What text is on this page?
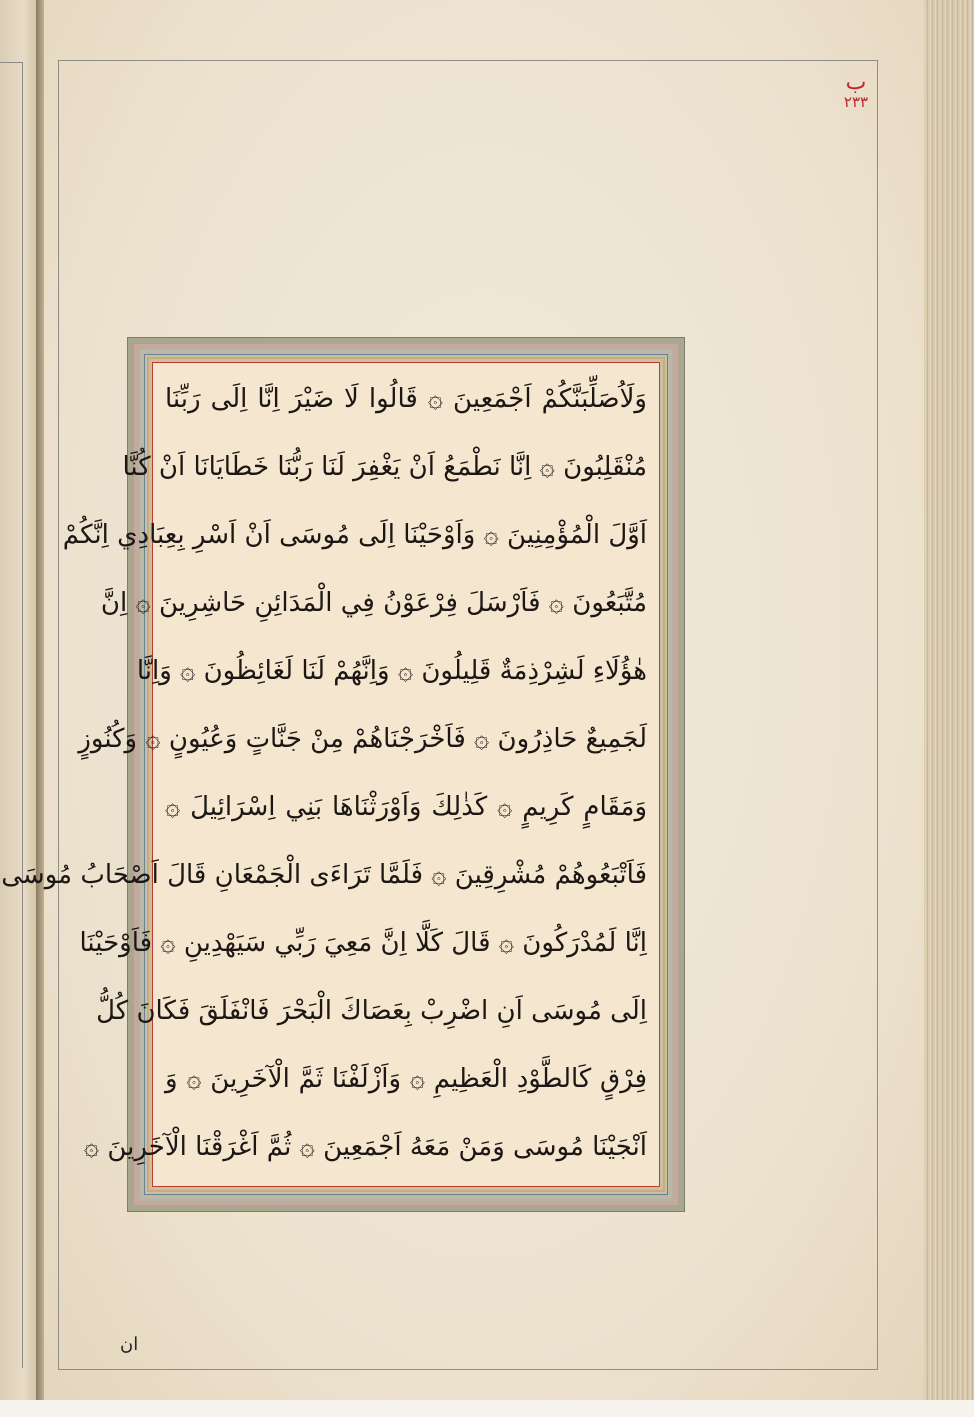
ب
٢٣٣
وَلَاُصَلِّبَنَّكُمْ اَجْمَعِينَ ۞ قَالُوا لَا ضَيْرَ اِنَّا اِلَى رَبِّنَا
مُنْقَلِبُونَ ۞ اِنَّا نَطْمَعُ اَنْ يَغْفِرَ لَنَا رَبُّنَا خَطَايَانَا اَنْ كُنَّا
اَوَّلَ الْمُؤْمِنِينَ ۞ وَاَوْحَيْنَا اِلَى مُوسَى اَنْ اَسْرِ بِعِبَادِي اِنَّكُمْ
مُتَّبَعُونَ ۞ فَاَرْسَلَ فِرْعَوْنُ فِي الْمَدَائِنِ حَاشِرِينَ ۞ اِنَّ
هٰؤُلَاءِ لَشِرْذِمَةٌ قَلِيلُونَ ۞ وَاِنَّهُمْ لَنَا لَغَائِظُونَ ۞ وَاِنَّا
لَجَمِيعٌ حَاذِرُونَ ۞ فَاَخْرَجْنَاهُمْ مِنْ جَنَّاتٍ وَعُيُونٍ ۞ وَكُنُوزٍ
وَمَقَامٍ كَرِيمٍ ۞ كَذٰلِكَ وَاَوْرَثْنَاهَا بَنِي اِسْرَائِيلَ ۞
فَاَتْبَعُوهُمْ مُشْرِقِينَ ۞ فَلَمَّا تَرَاءَى الْجَمْعَانِ قَالَ اَصْحَابُ مُوسَى
اِنَّا لَمُدْرَكُونَ ۞ قَالَ كَلَّا اِنَّ مَعِيَ رَبِّي سَيَهْدِينِ ۞ فَاَوْحَيْنَا
اِلَى مُوسَى اَنِ اضْرِبْ بِعَصَاكَ الْبَحْرَ فَانْفَلَقَ فَكَانَ كُلُّ
فِرْقٍ كَالطَّوْدِ الْعَظِيمِ ۞ وَاَزْلَفْنَا ثَمَّ الْآخَرِينَ ۞ وَ
اَنْجَيْنَا مُوسَى وَمَنْ مَعَهُ اَجْمَعِينَ ۞ ثُمَّ اَغْرَقْنَا الْآخَرِينَ ۞
ان
